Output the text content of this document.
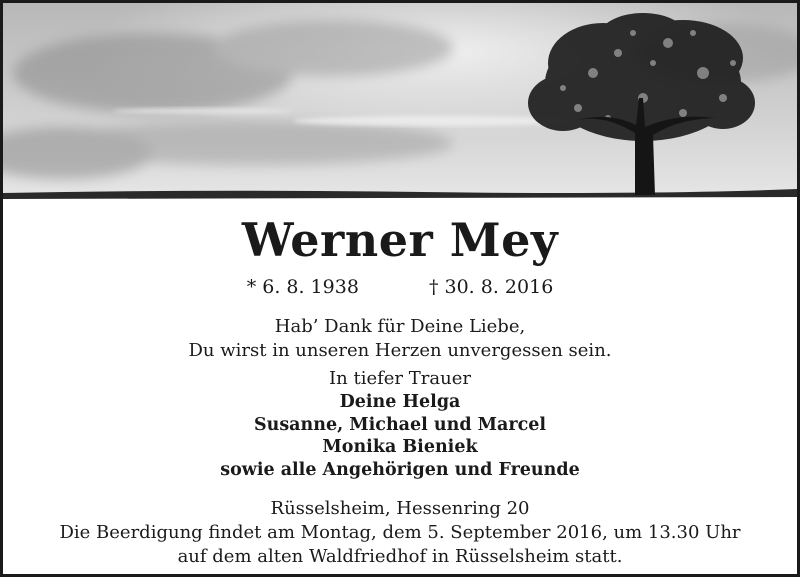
Werner Mey
* 6. 8. 1938	† 30. 8. 2016
Hab’ Dank für Deine Liebe,
Du wirst in unseren Herzen unvergessen sein.
In tiefer Trauer
Deine Helga
Susanne, Michael und Marcel
Monika Bieniek
sowie alle Angehörigen und Freunde
Rüsselsheim, Hessenring 20
Die Beerdigung findet am Montag, dem 5. September 2016, um 13.30 Uhr
auf dem alten Waldfriedhof in Rüsselsheim statt.
